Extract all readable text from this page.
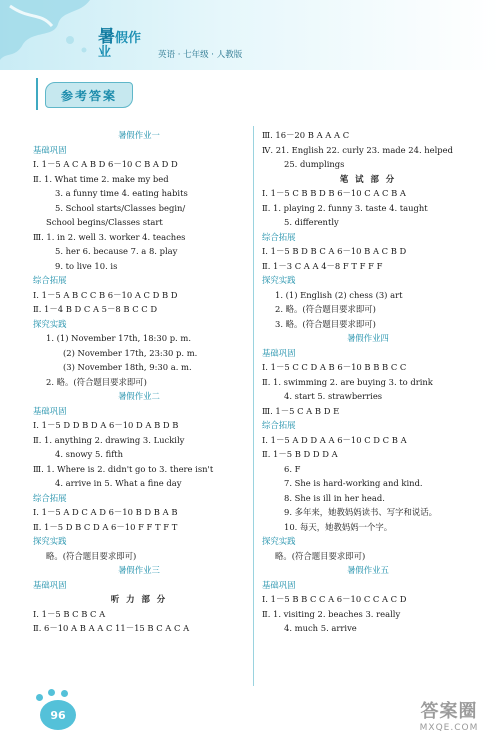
暑假作业	英语 · 七年级 · 人教版
参考答案
暑假作业一
基础巩固
Ⅰ. 1－5 A C A B D 6－10 C B A D D
Ⅱ. 1. What time 2. make my bed
3. a funny time 4. eating habits
5. School starts/Classes begin/
School begins/Classes start
Ⅲ. 1. in 2. well 3. worker 4. teaches
5. her 6. because 7. a 8. play
9. to live 10. is
综合拓展
Ⅰ. 1－5 A B C C B 6－10 A C D B D
Ⅱ. 1－4 B D C A 5－8 B C C D
探究实践
1. (1) November 17th, 18:30 p. m.
(2) November 17th, 23:30 p. m.
(3) November 18th, 9:30 a. m.
2. 略。(符合题目要求即可)
暑假作业二
基础巩固
Ⅰ. 1－5 D D B D A 6－10 D A B D B
Ⅱ. 1. anything 2. drawing 3. Luckily
4. snowy 5. fifth
Ⅲ. 1. Where is 2. didn't go to 3. there isn't
4. arrive in 5. What a fine day
综合拓展
Ⅰ. 1－5 A D C A D 6－10 B D B A B
Ⅱ. 1－5 D B C D A 6－10 F F T F T
探究实践
略。(符合题目要求即可)
暑假作业三
基础巩固
听 力 部 分
Ⅰ. 1－5 B C B C A
Ⅱ. 6－10 A B A A C 11－15 B C A C A
Ⅲ. 16－20 B A A A C
Ⅳ. 21. English 22. curly 23. made 24. helped
25. dumplings
笔 试 部 分
Ⅰ. 1－5 C B B D B 6－10 C A C B A
Ⅱ. 1. playing 2. funny 3. taste 4. taught
5. differently
综合拓展
Ⅰ. 1－5 B D B C A 6－10 B A C B D
Ⅱ. 1－3 C A A 4－8 F T F F F
探究实践
1. (1) English (2) chess (3) art
2. 略。(符合题目要求即可)
3. 略。(符合题目要求即可)
暑假作业四
基础巩固
Ⅰ. 1－5 C C D A B 6－10 B B B C C
Ⅱ. 1. swimming 2. are buying 3. to drink
4. start 5. strawberries
Ⅲ. 1－5 C A B D E
综合拓展
Ⅰ. 1－5 A D D A A 6－10 C D C B A
Ⅱ. 1－5 B D D D A
6. F
7. She is hard-working and kind.
8. She is ill in her head.
9. 多年来，她教妈妈读书、写字和说话。
10. 每天，她教妈妈一个字。
探究实践
略。(符合题目要求即可)
暑假作业五
基础巩固
Ⅰ. 1－5 B B C C A 6－10 C C A C D
Ⅱ. 1. visiting 2. beaches 3. really
4. much 5. arrive
96	答案圈
MXQE.COM
